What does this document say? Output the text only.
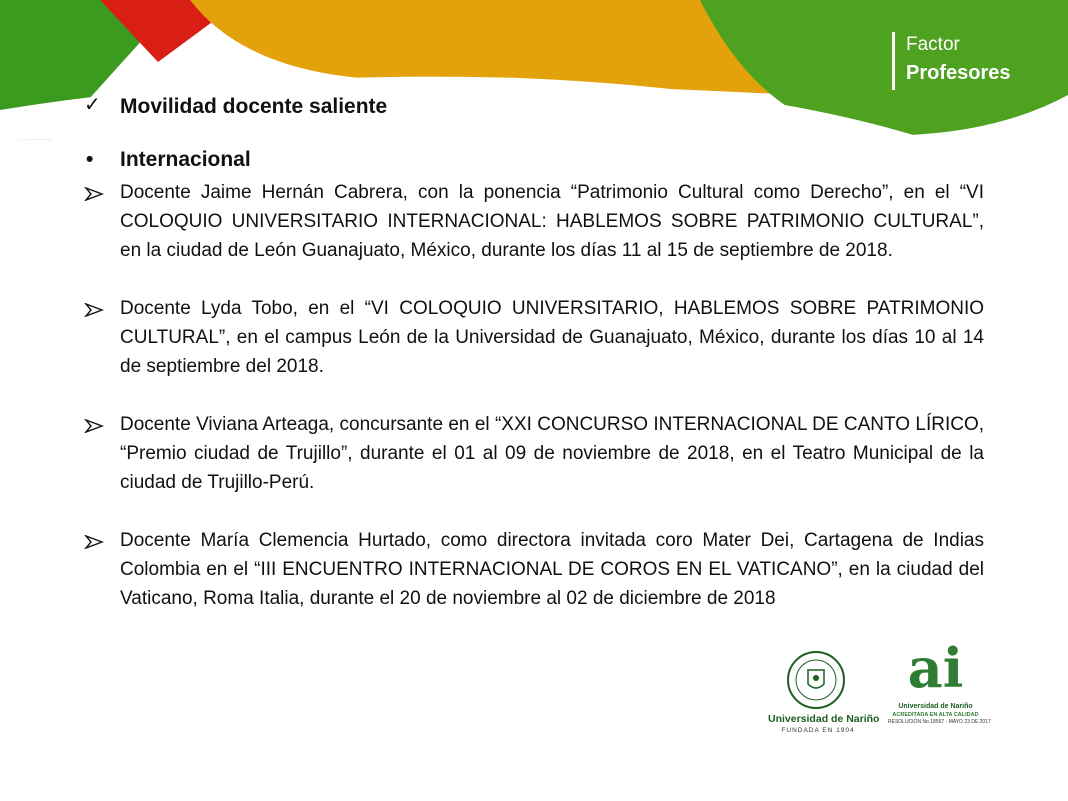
Factor
Profesores
✓ Movilidad docente saliente
• Internacional
Docente Jaime Hernán Cabrera, con la ponencia “Patrimonio Cultural como Derecho”, en el “VI COLOQUIO UNIVERSITARIO INTERNACIONAL: HABLEMOS SOBRE PATRIMONIO CULTURAL”, en la ciudad de León Guanajuato, México, durante los días 11 al 15 de septiembre de 2018.
Docente Lyda Tobo, en el “VI COLOQUIO UNIVERSITARIO, HABLEMOS SOBRE PATRIMONIO CULTURAL”, en el campus León de la Universidad de Guanajuato, México, durante los días 10 al 14 de septiembre del 2018.
Docente Viviana Arteaga, concursante en el “XXI CONCURSO INTERNACIONAL DE CANTO LÍRICO, “Premio ciudad de Trujillo”, durante el 01 al 09 de noviembre de 2018, en el Teatro Municipal de la ciudad de Trujillo-Perú.
Docente María Clemencia Hurtado, como directora invitada coro Mater Dei, Cartagena de Indias Colombia en el “III ENCUENTRO INTERNACIONAL DE COROS EN EL VATICANO”, en la ciudad del Vaticano, Roma Italia, durante el 20 de noviembre al 02 de diciembre de 2018
Universidad de Nariño
FUNDADA EN 1904
ai
Universidad de Nariño
ACREDITADA EN ALTA CALIDAD
RESOLUCIÓN No.18567 - MAYO 23 DE 2017
